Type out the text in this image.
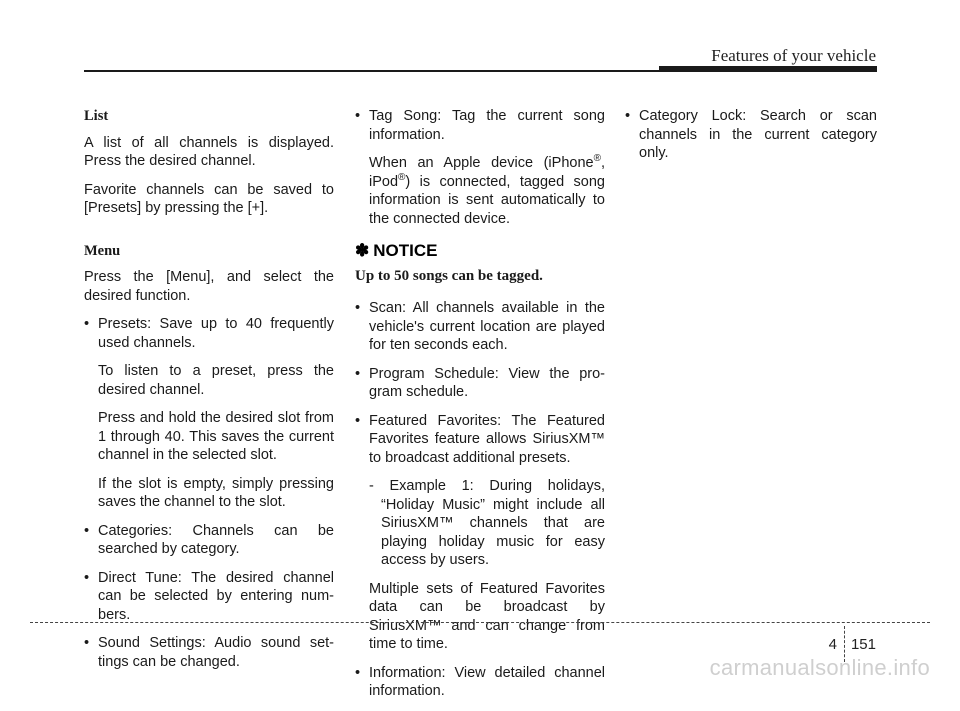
Features of your vehicle
List

A list of all channels is displayed. Press the desired channel.

Favorite channels can be saved to [Presets] by pressing the [+].

Menu

Press the [Menu], and select the desired function.

• Presets: Save up to 40 frequently used channels.

To listen to a preset, press the desired channel.

Press and hold the desired slot from 1 through 40. This saves the current channel in the selected slot.

If the slot is empty, simply pressing saves the channel to the slot.

• Categories: Channels can be searched by category.
• Direct Tune: The desired channel can be selected by entering num-bers.
• Sound Settings: Audio sound set-tings can be changed.

• Tag Song: Tag the current song information.

When an Apple device (iPhone®, iPod®) is connected, tagged song information is sent automatically to the connected device.

✽ NOTICE
Up to 50 songs can be tagged.
• Scan: All channels available in the vehicle's current location are played for ten seconds each.
• Program Schedule: View the pro-gram schedule.

• Featured Favorites: The Featured Favorites feature allows SiriusXM™ to broadcast additional presets.

- Example 1: During holidays, “Holiday Music” might include all SiriusXM™ channels that are playing holiday music for easy access by users.

Multiple sets of Featured Favorites data can be broadcast by SiriusXM™ and can change from time to time.

• Information: View detailed channel information.
• Category Lock: Search or scan channels in the current category only.
4 151
carmanualsonline.info
